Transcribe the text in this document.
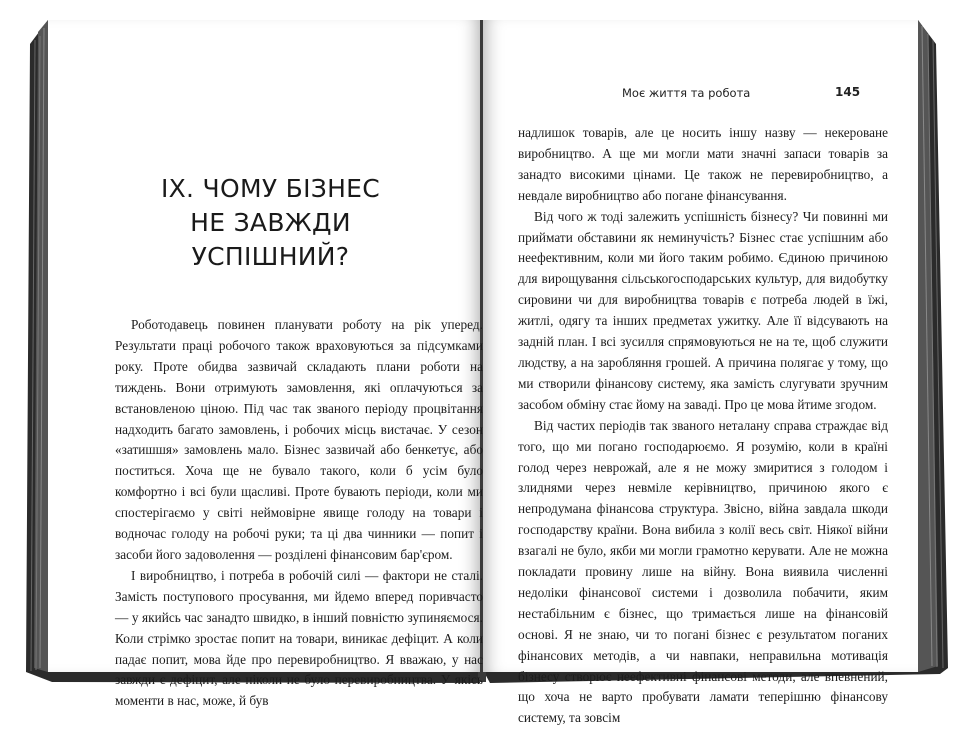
IX. ЧОМУ БІЗНЕС
НЕ ЗАВЖДИ
УСПІШНИЙ?

Роботодавець повинен планувати роботу на рік уперед. Результати праці робочого також враховуються за підсумками року. Проте обидва зазвичай складають плани роботи на тиждень. Вони отримують замовлення, які оплачуються за встановленою ціною. Під час так званого періоду процвітання надходить багато замовлень, і робочих місць вистачає. У сезон «затишшя» замовлень мало. Бізнес зазвичай або бенкетує, або поститься. Хоча ще не бувало такого, коли б усім було комфортно і всі були щасливі. Проте бувають періоди, коли ми спостерігаємо у світі неймовірне явище голоду на товари і водночас голоду на робочі руки; та ці два чинники — попит і засоби його задоволення — розділені фінансовим бар'єром.

І виробництво, і потреба в робочій силі — фактори не сталі. Замість поступового просування, ми йдемо вперед поривчасто — у якийсь час занадто швидко, в інший повністю зупиняємося. Коли стрімко зростає попит на товари, виникає дефіцит. А коли падає попит, мова йде про перевиробництво. Я вважаю, у нас завжди є дефіцит, але ніколи не було перевиробництва. У якісь моменти в нас, може, й був

Моє життя та робота	145

надлишок товарів, але це носить іншу назву — некероване виробництво. А ще ми могли мати значні запаси товарів за занадто високими цінами. Це також не перевиробництво, а невдале виробництво або погане фінансування.

Від чого ж тоді залежить успішність бізнесу? Чи повинні ми приймати обставини як неминучість? Бізнес стає успішним або неефективним, коли ми його таким робимо. Єдиною причиною для вирощування сільськогосподарських культур, для видобутку сировини чи для виробництва товарів є потреба людей в їжі, житлі, одягу та інших предметах ужитку. Але її відсувають на задній план. І всі зусилля спрямовуються не на те, щоб служити людству, а на заробляння грошей. А причина полягає у тому, що ми створили фінансову систему, яка замість слугувати зручним засобом обміну стає йому на заваді. Про це мова йтиме згодом.

Від частих періодів так званого неталану справа страждає від того, що ми погано господарюємо. Я розумію, коли в країні голод через неврожай, але я не можу змиритися з голодом і злиднями через невміле керівництво, причиною якого є непродумана фінансова структура. Звісно, війна завдала шкоди господарству країни. Вона вибила з колії весь світ. Ніякої війни взагалі не було, якби ми могли грамотно керувати. Але не можна покладати провину лише на війну. Вона виявила численні недоліки фінансової системи і дозволила побачити, яким нестабільним є бізнес, що тримається лише на фінансовій основі. Я не знаю, чи то погані бізнес є результатом поганих фінансових методів, а чи навпаки, неправильна мотивація бізнесу створює неефективні фінансові методи, але впевнений, що хоча не варто пробувати ламати теперішню фінансову систему, та зовсім
